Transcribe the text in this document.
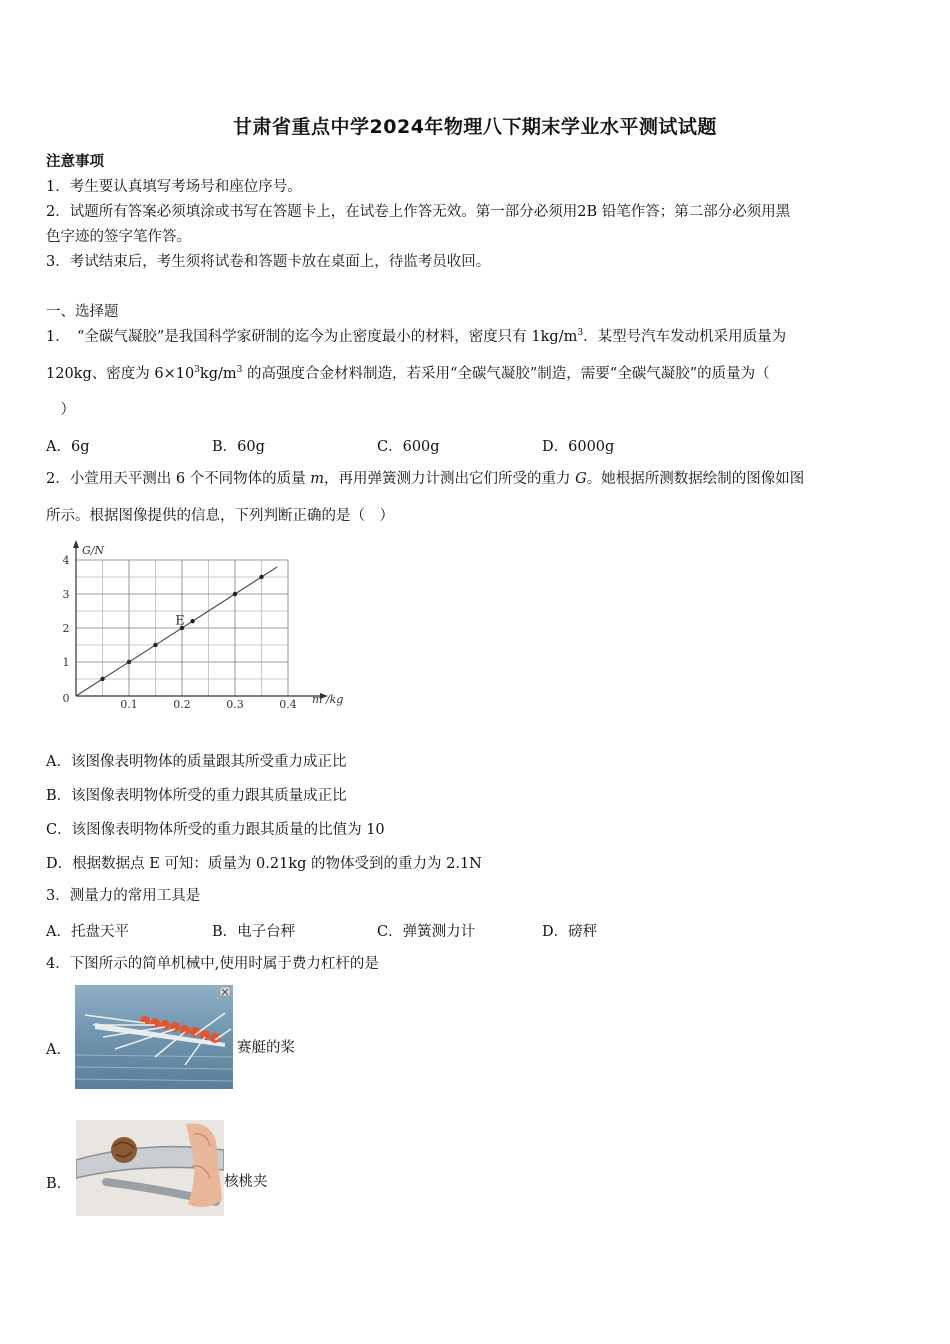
甘肃省重点中学2024年物理八下期末学业水平测试试题
注意事项
1．考生要认真填写考场号和座位序号。
2．试题所有答案必须填涂或书写在答题卡上，在试卷上作答无效。第一部分必须用2B 铅笔作答；第二部分必须用黑
色字迹的签字笔作答。
3．考试结束后，考生须将试卷和答题卡放在桌面上，待监考员收回。
一、选择题
1．　“全碳气凝胶”是我国科学家研制的迄今为止密度最小的材料，密度只有 $1kg/m^3$．某型号汽车发动机采用质量为
120kg、密度为 $6\times 10^3kg/m^3$ 的高强度合金材料制造，若采用“全碳气凝胶”制造，需要“全碳气凝胶”的质量为（
　）
A．6g	B．60g	C．600g	D．6000g
2．小萱用天平测出 6 个不同物体的质量 m，再用弹簧测力计测出它们所受的重力 G。她根据所测数据绘制的图像如图
所示。根据图像提供的信息，下列判断正确的是（　）
0.1	0.2	0.3	0.4
1
2
3
4
0	m /kg
G/N
E
A．该图像表明物体的质量跟其所受重力成正比
B．该图像表明物体所受的重力跟其质量成正比
C．该图像表明物体所受的重力跟其质量的比值为 10
D．根据数据点 E 可知：质量为 0.21kg 的物体受到的重力为 2.1N
3．测量力的常用工具是
A．托盘天平	B．电子台秤	C．弹簧测力计	D．磅秤
4．下图所示的简单机械中,使用时属于费力杠杆的是
A．	赛艇的桨
B．	核桃夹
